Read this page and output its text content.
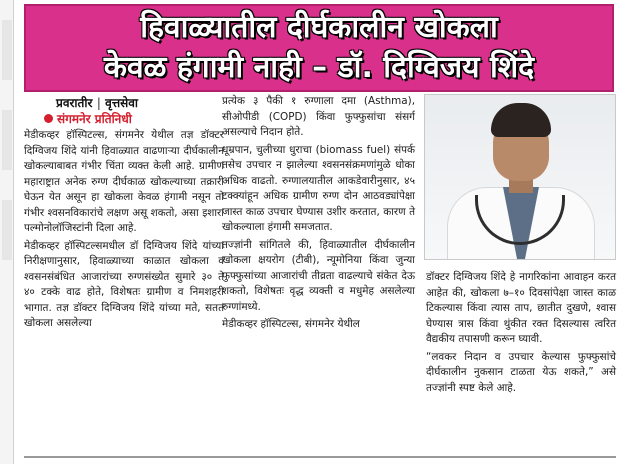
हिवाळ्यातील दीर्घकालीन खोकला
केवळ हंगामी नाही – डॉ. दिग्विजय शिंदे
प्रवरातीर | वृत्तसेवा
संगमनेर प्रतिनिधी

मेडीकव्हर हॉस्पिटल्स, संगमनेर येथील तज्ञ डॉक्टर दिग्विजय शिंदे यांनी हिवाळ्यात वाढणाऱ्या दीर्घकालीन खोकल्याबाबत गंभीर चिंता व्यक्त केली आहे. ग्रामीण महाराष्ट्रात अनेक रुग्ण दीर्घकाळ खोकल्याच्या तक्रारी घेऊन येत असून हा खोकला केवळ हंगामी नसून तो गंभीर श्वसनविकारांचे लक्षण असू शकतो, असा इशारा पल्मोनोलॉजिस्टांनी दिला आहे.

मेडीकव्हर हॉस्पिटल्समधील डॉ दिग्विजय शिंदे यांच्या निरीक्षणानुसार, हिवाळ्याच्या काळात खोकला व श्वसनसंबंधित आजारांच्या रुग्णसंख्येत सुमारे ३० ते ४० टक्के वाढ होते, विशेषतः ग्रामीण व निमशहरी भागात. तज्ञ डॉक्टर दिग्विजय शिंदे यांच्या मते, सतत खोकला असलेल्या

प्रत्येक ३ पैकी १ रुग्णाला दमा (Asthma), सीओपीडी (COPD) किंवा फुफ्फुसांचा संसर्ग असल्याचे निदान होते.

धूम्रपान, चुलीच्या धुराचा (biomass fuel) संपर्क तसेच उपचार न झालेल्या श्वसनसंक्रमणांमुळे धोका अधिक वाढतो. रुग्णालयातील आकडेवारीनुसार, ४५ टक्क्यांहून अधिक ग्रामीण रुग्ण दोन आठवड्यांपेक्षा जास्त काळ उपचार घेण्यास उशीर करतात, कारण ते खोकल्याला हंगामी समजतात.

तज्ज्ञांनी सांगितले की, हिवाळ्यातील दीर्घकालीन खोकला क्षयरोग (टीबी), न्यूमोनिया किंवा जुन्या फुफ्फुसांच्या आजारांची तीव्रता वाढल्याचे संकेत देऊ शकतो, विशेषतः वृद्ध व्यक्ती व मधुमेह असलेल्या रुग्णांमध्ये.

मेडीकव्हर हॉस्पिटल्स, संगमनेर येथील

डॉक्टर दिग्विजय शिंदे हे नागरिकांना आवाहन करत आहेत की, खोकला ७–१० दिवसांपेक्षा जास्त काळ टिकल्यास किंवा त्यास ताप, छातीत दुखणे, श्वास घेण्यास त्रास किंवा थुंकीत रक्त दिसल्यास त्वरित वैद्यकीय तपासणी करून घ्यावी.

“लवकर निदान व उपचार केल्यास फुफ्फुसांचे दीर्घकालीन नुकसान टाळता येऊ शकते,” असे तज्ज्ञांनी स्पष्ट केले आहे.
